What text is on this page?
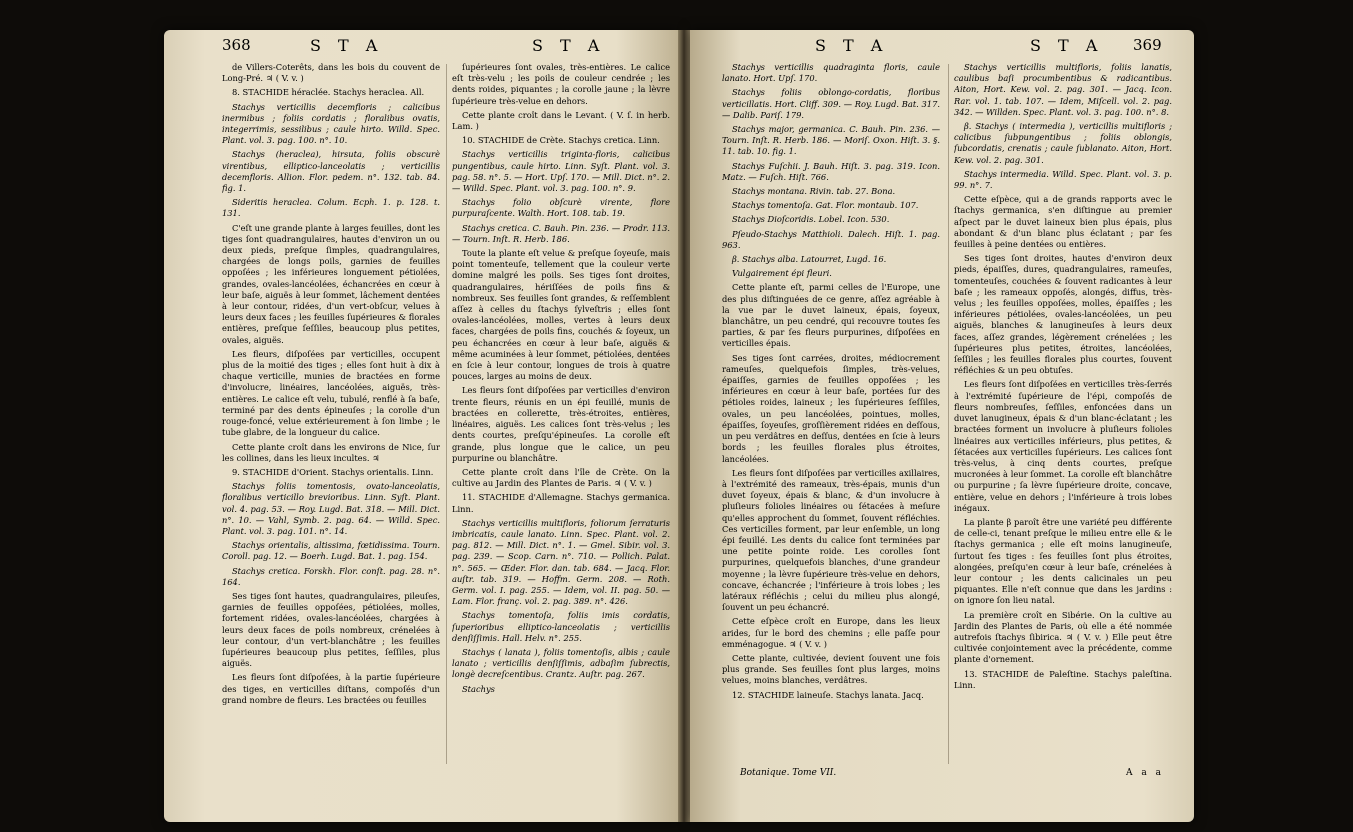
368	S T A	S T A	S T A	S T A 369

de Villers-Coterêts, dans les bois du couvent de Long-Pré. ♃ ( V. v. )

8. STACHIDE héraclée. Stachys heraclea. All.

Stachys verticillis decemfloris ; calicibus inermibus ; foliis cordatis ; floralibus ovatis, integerrimis, sessilibus ; caule hirto. Willd. Spec. Plant. vol. 3. pag. 100. n°. 10.

Stachys (heraclea), hirsuta, foliis obscurè virentibus, elliptico-lanceolatis ; verticillis decemfloris. Allion. Flor. pedem. n°. 132. tab. 84. fig. 1.

Sideritis heraclea. Colum. Ecph. 1. p. 128. t. 131.

C'eſt une grande plante à larges feuilles, dont les tiges ſont quadrangulaires, hautes d'environ un ou deux pieds, preſque ſimples, quadrangulaires, chargées de longs poils, garnies de feuilles oppoſées ; les inférieures longuement pétiolées, grandes, ovales-lancéolées, échancrées en cœur à leur baſe, aiguës à leur ſommet, lâchement dentées à leur contour, ridées, d'un vert-obſcur, velues à leurs deux faces ; les feuilles ſupérieures & florales entières, preſque ſeſſiles, beaucoup plus petites, ovales, aiguës.

Les fleurs, diſpoſées par verticilles, occupent plus de la moitié des tiges ; elles ſont huit à dix à chaque verticille, munies de bractées en forme d'involucre, linéaires, lancéolées, aiguës, très-entières. Le calice eſt velu, tubulé, renflé à ſa baſe, terminé par des dents épineuſes ; la corolle d'un rouge-foncé, velue extérieurement à ſon limbe ; le tube glabre, de la longueur du calice.

Cette plante croît dans les environs de Nice, ſur les collines, dans les lieux incultes. ♃

9. STACHIDE d'Orient. Stachys orientalis. Linn.

Stachys foliis tomentosis, ovato-lanceolatis, floralibus verticillo brevioribus. Linn. Syſt. Plant. vol. 4. pag. 53. — Roy. Lugd. Bat. 318. — Mill. Dict. n°. 10. — Vahl, Symb. 2. pag. 64. — Willd. Spec. Plant. vol. 3. pag. 101. n°. 14.

Stachys orientalis, altissima, fœtidissima. Tourn. Coroll. pag. 12. — Boerh. Lugd. Bat. 1. pag. 154.

Stachys cretica. Forskh. Flor. conſt. pag. 28. n°. 164.

Ses tiges ſont hautes, quadrangulaires, pileuſes, garnies de feuilles oppoſées, pétiolées, molles, fortement ridées, ovales-lancéolées, chargées à leurs deux faces de poils nombreux, crénelées à leur contour, d'un vert-blanchâtre ; les feuilles ſupérieures beaucoup plus petites, ſeſſiles, plus aiguës.

Les fleurs ſont diſpoſées, à la partie ſupérieure des tiges, en verticilles diſtans, compoſés d'un grand nombre de fleurs. Les bractées ou feuilles

ſupérieures ſont ovales, très-entières. Le calice eſt très-velu ; les poils de couleur cendrée ; les dents roides, piquantes ; la corolle jaune ; la lèvre ſupérieure très-velue en dehors.

Cette plante croît dans le Levant. ( V. ſ. in herb. Lam. )

10. STACHIDE de Crète. Stachys cretica. Linn.

Stachys verticillis triginta-floris, calicibus pungentibus, caule hirto. Linn. Syſt. Plant. vol. 3. pag. 58. n°. 5. — Hort. Upſ. 170. — Mill. Dict. n°. 2. — Willd. Spec. Plant. vol. 3. pag. 100. n°. 9.

Stachys folio obſcurè virente, flore purpuraſcente. Walth. Hort. 108. tab. 19.

Stachys cretica. C. Bauh. Pin. 236. — Prodr. 113. — Tourn. Inſt. R. Herb. 186.

Toute la plante eſt velue & preſque ſoyeuſe, mais point tomenteuſe, tellement que la couleur verte domine malgré les poils. Ses tiges ſont droites, quadrangulaires, hériſſées de poils fins & nombreux. Ses feuilles ſont grandes, & reſſemblent aſſez à celles du ſtachys ſylveſtris ; elles ſont ovales-lancéolées, molles, vertes à leurs deux faces, chargées de poils fins, couchés & ſoyeux, un peu échancrées en cœur à leur baſe, aiguës & même acuminées à leur ſommet, pétiolées, dentées en ſcie à leur contour, longues de trois à quatre pouces, larges au moins de deux.

Les fleurs ſont diſpoſées par verticilles d'environ trente fleurs, réunis en un épi feuillé, munis de bractées en collerette, très-étroites, entières, linéaires, aiguës. Les calices ſont très-velus ; les dents courtes, preſqu'épineuſes. La corolle eſt grande, plus longue que le calice, un peu purpurine ou blanchâtre.

Cette plante croît dans l'île de Crète. On la cultive au Jardin des Plantes de Paris. ♃ ( V. v. )

11. STACHIDE d'Allemagne. Stachys germanica. Linn.

Stachys verticillis multifloris, foliorum ſerraturis imbricatis, caule lanato. Linn. Spec. Plant. vol. 2. pag. 812. — Mill. Dict. n°. 1. — Gmel. Sibir. vol. 3. pag. 239. — Scop. Carn. n°. 710. — Pollich. Palat. n°. 565. — Œder. Flor. dan. tab. 684. — Jacq. Flor. auſtr. tab. 319. — Hoffm. Germ. 208. — Roth. Germ. vol. I. pag. 255. — Idem, vol. II. pag. 50. — Lam. Flor. franç. vol. 2. pag. 389. n°. 426.

Stachys tomentoſa, foliis imis cordatis, ſuperioribus elliptico-lanceolatis ; verticillis denſiſſimis. Hall. Helv. n°. 255.

Stachys ( lanata ), foliis tomentoſis, albis ; caule lanato ; verticillis denſiſſimis, adbaſim ſubrectis, longè decreſcentibus. Crantz. Auſtr. pag. 267.

Stachys

Stachys verticillis quadraginta floris, caule lanato. Hort. Upſ. 170.

Stachys foliis oblongo-cordatis, floribus verticillatis. Hort. Cliff. 309. — Roy. Lugd. Bat. 317. — Dalib. Pariſ. 179.

Stachys major, germanica. C. Bauh. Pin. 236. — Tourn. Inſt. R. Herb. 186. — Moriſ. Oxon. Hiſt. 3. §. 11. tab. 10. fig. 1.

Stachys Fuſchii. J. Bauh. Hiſt. 3. pag. 319. Icon. Matz. — Fuſch. Hiſt. 766.

Stachys montana. Rivin. tab. 27. Bona.

Stachys tomentoſa. Gat. Flor. montaub. 107.

Stachys Dioſcoridis. Lobel. Icon. 530.

Pſeudo-Stachys Matthioli. Dalech. Hiſt. 1. pag. 963.

β. Stachys alba. Latourret, Lugd. 16.

Vulgairement épi fleuri.

Cette plante eſt, parmi celles de l'Europe, une des plus diſtinguées de ce genre, aſſez agréable à la vue par le duvet laineux, épais, ſoyeux, blanchâtre, un peu cendré, qui recouvre toutes ſes parties, & par ſes fleurs purpurines, diſpoſées en verticilles épais.

Ses tiges ſont carrées, droites, médiocrement rameuſes, quelquefois ſimples, très-velues, épaiſſes, garnies de feuilles oppoſées ; les inférieures en cœur à leur baſe, portées ſur des pétioles roides, laineux ; les ſupérieures ſeſſiles, ovales, un peu lancéolées, pointues, molles, épaiſſes, ſoyeuſes, groſſièrement ridées en deſſous, un peu verdâtres en deſſus, dentées en ſcie à leurs bords ; les feuilles florales plus étroites, lancéolées.

Les fleurs ſont diſpoſées par verticilles axillaires, à l'extrémité des rameaux, très-épais, munis d'un duvet ſoyeux, épais & blanc, & d'un involucre à pluſieurs folioles linéaires ou ſétacées à meſure qu'elles approchent du ſommet, ſouvent réfléchies. Ces verticilles forment, par leur enſemble, un long épi feuillé. Les dents du calice ſont terminées par une petite pointe roide. Les corolles ſont purpurines, quelquefois blanches, d'une grandeur moyenne ; la lèvre ſupérieure très-velue en dehors, concave, échancrée ; l'inférieure à trois lobes ; les latéraux réfléchis ; celui du milieu plus alongé, ſouvent un peu échancré.

Cette eſpèce croît en Europe, dans les lieux arides, ſur le bord des chemins ; elle paſſe pour emménagogue. ♃ ( V. v. )

Cette plante, cultivée, devient ſouvent une fois plus grande. Ses feuilles ſont plus larges, moins velues, moins blanches, verdâtres.

12. STACHIDE laineuſe. Stachys lanata. Jacq.

Stachys verticillis multifloris, foliis lanatis, caulibus baſi procumbentibus & radicantibus. Aiton, Hort. Kew. vol. 2. pag. 301. — Jacq. Icon. Rar. vol. 1. tab. 107. — Idem, Miſcell. vol. 2. pag. 342. — Willden. Spec. Plant. vol. 3. pag. 100. n°. 8.

β. Stachys ( intermedia ), verticillis multifloris ; calicibus ſubpungentibus ; foliis oblongis, ſubcordatis, crenatis ; caule ſublanato. Aiton, Hort. Kew. vol. 2. pag. 301.

Stachys intermedia. Willd. Spec. Plant. vol. 3. p. 99. n°. 7.

Cette eſpèce, qui a de grands rapports avec le ſtachys germanica, s'en diſtingue au premier aſpect par le duvet laineux bien plus épais, plus abondant & d'un blanc plus éclatant ; par ſes feuilles à peine dentées ou entières.

Ses tiges ſont droites, hautes d'environ deux pieds, épaiſſes, dures, quadrangulaires, rameuſes, tomenteuſes, couchées & ſouvent radicantes à leur baſe ; les rameaux oppoſés, alongés, diffus, très-velus ; les feuilles oppoſées, molles, épaiſſes ; les inférieures pétiolées, ovales-lancéolées, un peu aiguës, blanches & lanugineuſes à leurs deux faces, aſſez grandes, légèrement crénelées ; les ſupérieures plus petites, étroites, lancéolées, ſeſſiles ; les feuilles florales plus courtes, ſouvent réfléchies & un peu obtuſes.

Les fleurs ſont diſpoſées en verticilles très-ſerrés à l'extrémité ſupérieure de l'épi, compoſés de fleurs nombreuſes, ſeſſiles, enfoncées dans un duvet lanugineux, épais & d'un blanc-éclatant ; les bractées forment un involucre à pluſieurs folioles linéaires aux verticilles inférieurs, plus petites, & ſétacées aux verticilles ſupérieurs. Les calices ſont très-velus, à cinq dents courtes, preſque mucronées à leur ſommet. La corolle eſt blanchâtre ou purpurine ; ſa lèvre ſupérieure droite, concave, entière, velue en dehors ; l'inférieure à trois lobes inégaux.

La plante β paroît être une variété peu différente de celle-ci, tenant preſque le milieu entre elle & le ſtachys germanica ; elle eſt moins lanugineuſe, ſurtout ſes tiges : ſes feuilles ſont plus étroites, alongées, preſqu'en cœur à leur baſe, crénelées à leur contour ; les dents calicinales un peu piquantes. Elle n'eſt connue que dans les jardins : on ignore ſon lieu natal.

La première croît en Sibérie. On la cultive au Jardin des Plantes de Paris, où elle a été nommée autrefois ſtachys ſibirica. ♃ ( V. v. ) Elle peut être cultivée conjointement avec la précédente, comme plante d'ornement.

13. STACHIDE de Paleſtine. Stachys paleſtina. Linn.

Botanique. Tome VII.	A a a
